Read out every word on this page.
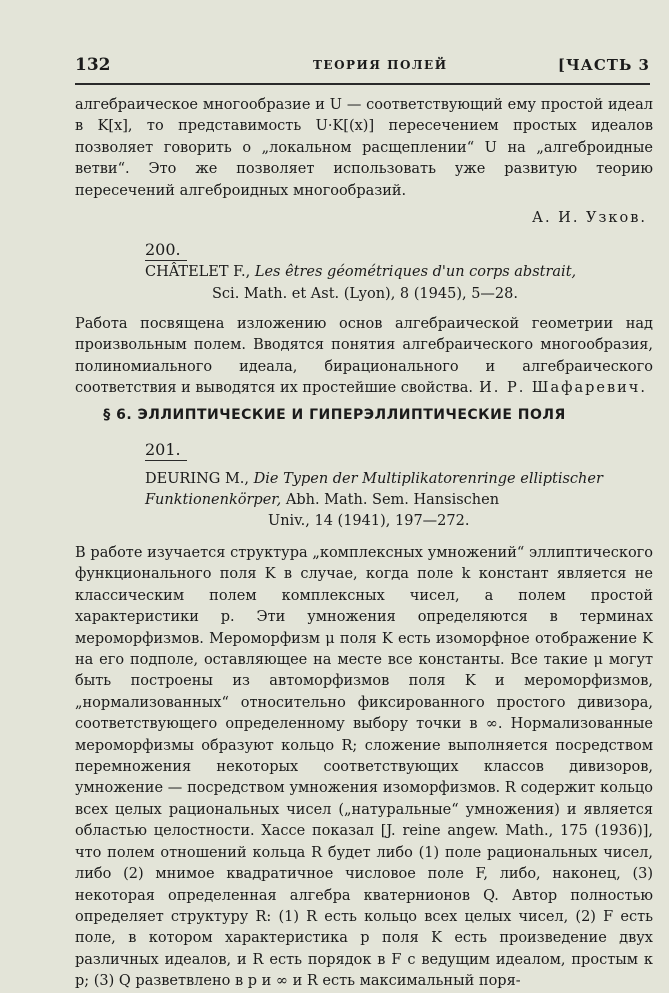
132	ТЕОРИЯ ПОЛЕЙ	[ЧАСТЬ 3

алгебраическое многообразие и U — соответствующий ему простой идеал в K[x], то представимость U·K[(x)] пересечением простых идеалов позволяет говорить о „локальном расщеплении“ U на „алгеброидные ветви“. Это же позволяет использовать уже развитую теорию пересечений алгеброидных многообразий.

А. И. Узков.
200.
CHÂTELET F., Les êtres géométriques d'un corps abstrait,
Sci. Math. et Ast. (Lyon), 8 (1945), 5—28.

Работа посвящена изложению основ алгебраической геометрии над произвольным полем. Вводятся понятия алгебраического многообразия, полиномиального идеала, бирационального и алгебраического соответствия и выводятся их простейшие свойства. И. Р. Шафаревич.
§ 6. ЭЛЛИПТИЧЕСКИЕ И ГИПЕРЭЛЛИПТИЧЕСКИЕ ПОЛЯ
201.
DEURING M., Die Typen der Multiplikatorenringe elliptischer
Funktionenkörper, Abh. Math. Sem. Hansischen
Univ., 14 (1941), 197—272.

В работе изучается структура „комплексных умножений“ эллиптического функционального поля K в случае, когда поле k констант является не классическим полем комплексных чисел, а полем простой характеристики p. Эти умножения определяются в терминах мероморфизмов. Мероморфизм μ поля K есть изоморфное отображение K на его подполе, оставляющее на месте все константы. Все такие μ могут быть построены из автоморфизмов поля K и мероморфизмов, „нормализованных“ относительно фиксированного простого дивизора, соответствующего определенному выбору точки в ∞. Нормализованные мероморфизмы образуют кольцо R; сложение выполняется посредством перемножения некоторых соответствующих классов дивизоров, умножение — посредством умножения изоморфизмов. R содержит кольцо всех целых рациональных чисел („натуральные“ умножения) и является областью целостности. Хассе показал [J. reine angew. Math., 175 (1936)], что полем отношений кольца R будет либо (1) поле рациональных чисел, либо (2) мнимое квадратичное числовое поле F, либо, наконец, (3) некоторая определенная алгебра кватернионов Q. Автор полностью определяет структуру R: (1) R есть кольцо всех целых чисел, (2) F есть поле, в котором характеристика p поля K есть произведение двух различных идеалов, и R есть порядок в F с ведущим идеалом, простым к p; (3) Q разветвлено в p и ∞ и R есть максимальный поря-
